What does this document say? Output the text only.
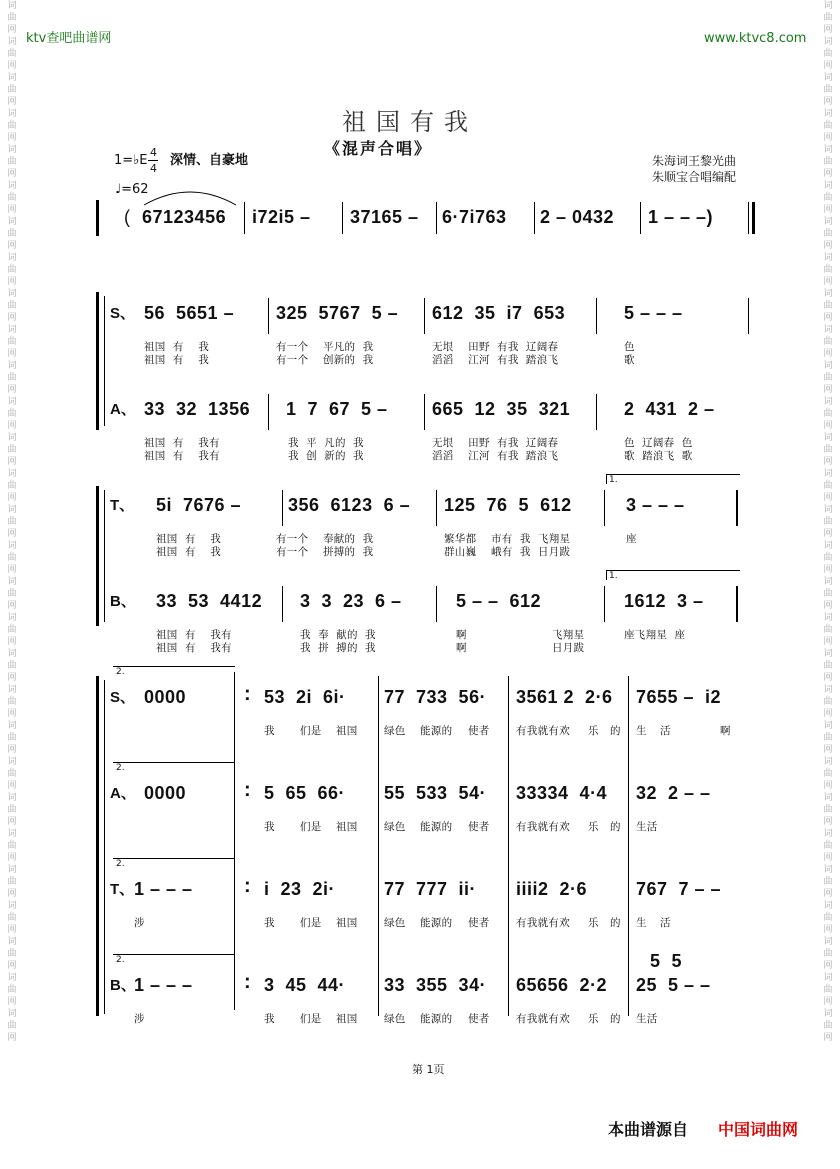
词曲网词曲网词曲网词曲网词曲网词曲网词曲网词曲网词曲网词曲网词曲网词曲网词曲网词曲网词曲网词曲网词曲网词曲网词曲网词曲网词曲网词曲网词曲网词曲网词曲网词曲网词曲网词曲网词曲网
词曲网词曲网词曲网词曲网词曲网词曲网词曲网词曲网词曲网词曲网词曲网词曲网词曲网词曲网词曲网词曲网词曲网词曲网词曲网词曲网词曲网词曲网词曲网词曲网词曲网词曲网词曲网词曲网词曲网
ktv查吧曲谱网	www.ktvc8.com
祖国有我
《混声合唱》
1=♭E
4
4
深情、自豪地
♩=62
朱海词王黎光曲
朱顺宝合唱编配
( 67123456 i72i5 – 37165 – 6·7i763 2 – 0432 1 – – –)
S、
A、
56  5651 – 325  5767  5 – 612  35  i7  653	5 – – –
祖国  有    我	有一个    平凡的  我	无垠    田野  有我  辽阔春	色
祖国  有    我	有一个    创新的  我	滔滔    江河  有我  踏浪飞	歌
33  32  1356 1  7  67  5 – 665  12  35  321	2  431  2 –
祖国  有    我有	我  平  凡的  我	无垠    田野  有我  辽阔春	色  辽阔春  色
祖国  有    我有	我  创  新的  我	滔滔    江河  有我  踏浪飞	歌  踏浪飞  歌
T、
B、
1.
5i  7676 –	356  6123  6 – 125  76  5  612	3 – – –
祖国  有    我	有一个    奉献的  我	繁华都    市有  我  飞翔星	座
祖国  有    我	有一个    拼搏的  我	群山巍    峨有  我  日月跋
1.
33  53  4412 3  3  23  6 –	5 – –  612	1612  3 –
祖国  有    我有	我  奉  献的  我	啊	飞翔星	座飞翔星  座
祖国  有    我有	我  拼  搏的  我	啊	日月跋
2.
S、 0000	: 53  2i  6i· 77  733  56· 3561 2  2·6 7655 –  i2
我 们是 祖国	绿色 能源的 使者	有我就有欢 乐 的 生 活	啊
2.
A、 0000	: 5  65  66· 55  533  54· 33334  4·4 32  2 – –
我 们是 祖国	绿色 能源的 使者	有我就有欢 乐 的 生活
2.
T、 1 – – –	: i  23  2i·	77  777  ii· iiii2  2·6	767  7 – –
涉	我 们是 祖国	绿色 能源的 使者	有我就有欢 乐 的 生 活
2.
B、
1 – – –	: 3  45  44· 33  355  34· 65656  2·2
5  5
25  5 – –
涉	我 们是 祖国	绿色 能源的 使者	有我就有欢 乐 的 生活
第 1页
本曲谱源自 中国词曲网
